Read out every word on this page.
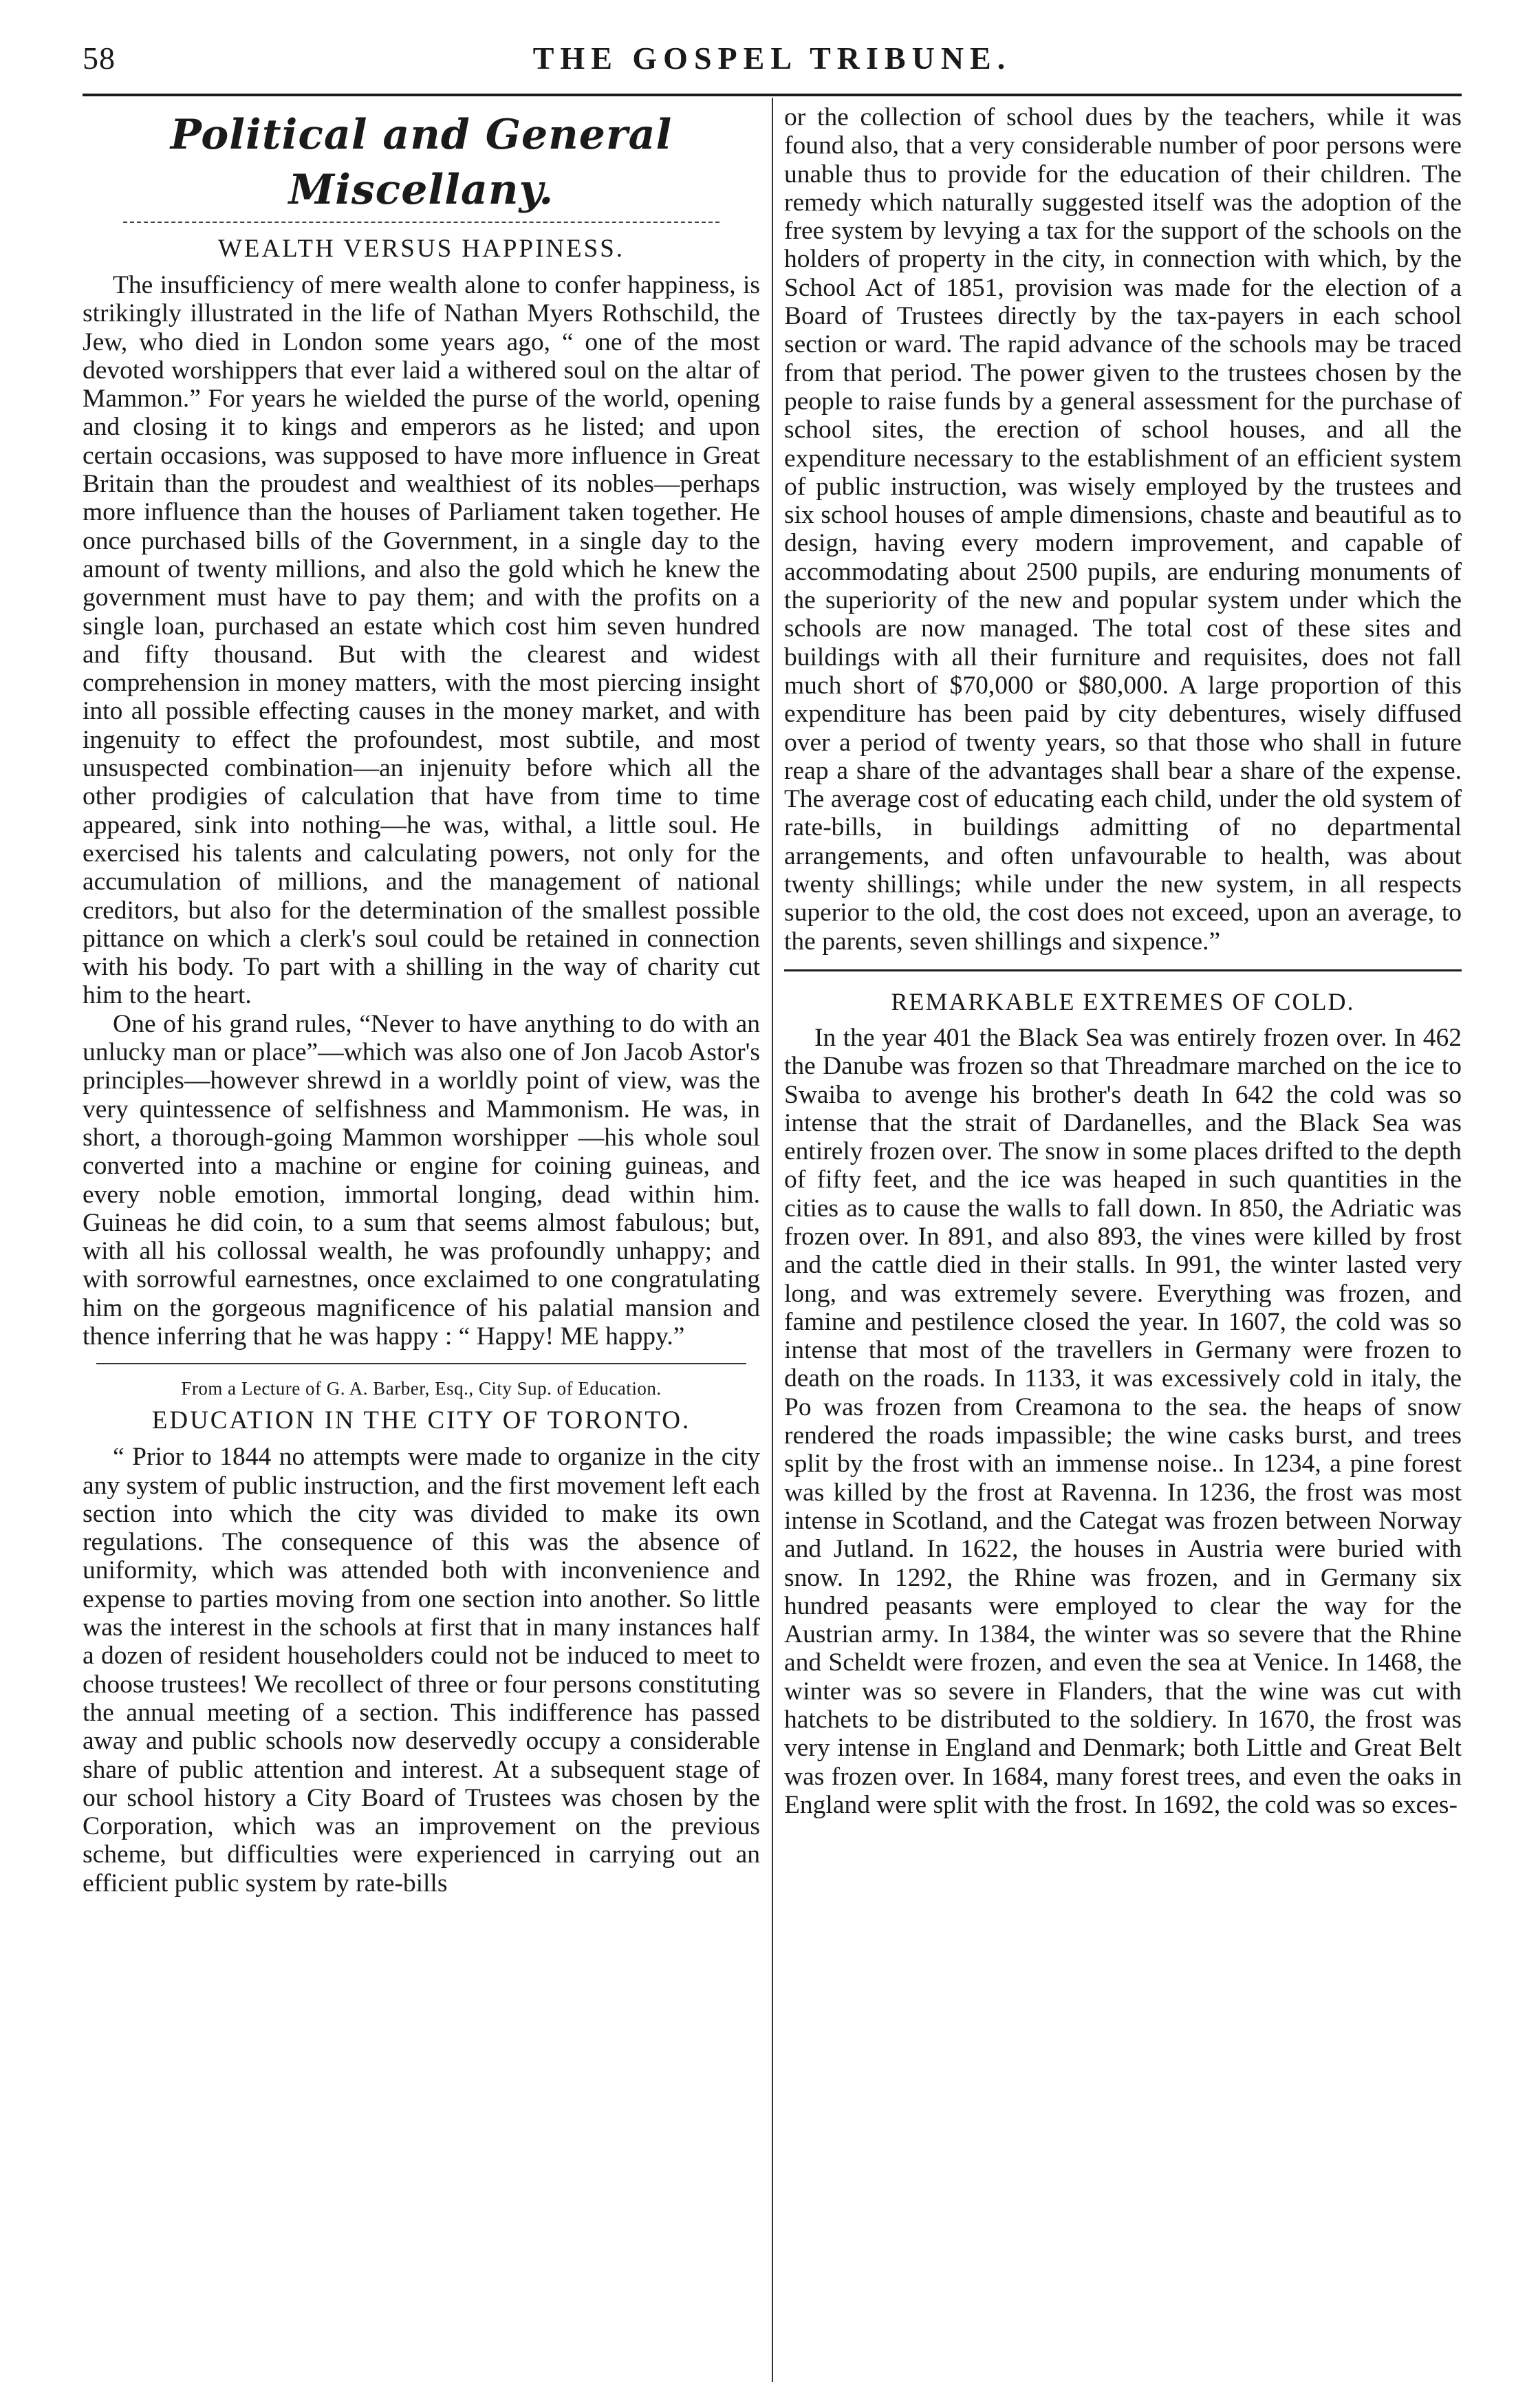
58	THE GOSPEL TRIBUNE.
Political and General Miscellany.
WEALTH VERSUS HAPPINESS.

The insufficiency of mere wealth alone to confer happiness, is strikingly illustrated in the life of Nathan Myers Rothschild, the Jew, who died in London some years ago, “ one of the most devoted worshippers that ever laid a withered soul on the altar of Mammon.” For years he wielded the purse of the world, opening and closing it to kings and emperors as he listed; and upon certain occasions, was supposed to have more influence in Great Britain than the proudest and wealthiest of its nobles—perhaps more influence than the houses of Parliament taken together. He once purchased bills of the Government, in a single day to the amount of twenty millions, and also the gold which he knew the government must have to pay them; and with the profits on a single loan, purchased an estate which cost him seven hundred and fifty thousand. But with the clearest and widest comprehension in money matters, with the most piercing insight into all possible effecting causes in the money market, and with ingenuity to effect the profoundest, most subtile, and most unsuspected combination—an injenuity before which all the other prodigies of calculation that have from time to time appeared, sink into nothing—he was, withal, a little soul. He exercised his talents and calculating powers, not only for the accumulation of millions, and the management of national creditors, but also for the determination of the smallest possible pittance on which a clerk's soul could be retained in connection with his body. To part with a shilling in the way of charity cut him to the heart.

One of his grand rules, “Never to have anything to do with an unlucky man or place”—which was also one of Jon Jacob Astor's principles—however shrewd in a worldly point of view, was the very quintessence of selfishness and Mammonism. He was, in short, a thorough-going Mammon worshipper —his whole soul converted into a machine or engine for coining guineas, and every noble emotion, immortal longing, dead within him. Guineas he did coin, to a sum that seems almost fabulous; but, with all his collossal wealth, he was profoundly unhappy; and with sorrowful earnestnes, once exclaimed to one congratulating him on the gorgeous magnificence of his palatial mansion and thence inferring that he was happy : “ Happy! ME happy.”

From a Lecture of G. A. Barber, Esq., City Sup. of Education.
EDUCATION IN THE CITY OF TORONTO.

“ Prior to 1844 no attempts were made to organize in the city any system of public instruction, and the first movement left each section into which the city was divided to make its own regulations. The consequence of this was the absence of uniformity, which was attended both with inconvenience and expense to parties moving from one section into another. So little was the interest in the schools at first that in many instances half a dozen of resident householders could not be induced to meet to choose trustees! We recollect of three or four persons constituting the annual meeting of a section. This indifference has passed away and public schools now deservedly occupy a considerable share of public attention and interest. At a subsequent stage of our school history a City Board of Trustees was chosen by the Corporation, which was an improvement on the previous scheme, but difficulties were experienced in carrying out an efficient public system by rate-bills

or the collection of school dues by the teachers, while it was found also, that a very considerable number of poor persons were unable thus to provide for the education of their children. The remedy which naturally suggested itself was the adoption of the free system by levying a tax for the support of the schools on the holders of property in the city, in connection with which, by the School Act of 1851, provision was made for the election of a Board of Trustees directly by the tax-payers in each school section or ward. The rapid advance of the schools may be traced from that period. The power given to the trustees chosen by the people to raise funds by a general assessment for the purchase of school sites, the erection of school houses, and all the expenditure necessary to the establishment of an efficient system of public instruction, was wisely employed by the trustees and six school houses of ample dimensions, chaste and beautiful as to design, having every modern improvement, and capable of accommodating about 2500 pupils, are enduring monuments of the superiority of the new and popular system under which the schools are now managed. The total cost of these sites and buildings with all their furniture and requisites, does not fall much short of $70,000 or $80,000. A large proportion of this expenditure has been paid by city debentures, wisely diffused over a period of twenty years, so that those who shall in future reap a share of the advantages shall bear a share of the expense. The average cost of educating each child, under the old system of rate-bills, in buildings admitting of no departmental arrangements, and often unfavourable to health, was about twenty shillings; while under the new system, in all respects superior to the old, the cost does not exceed, upon an average, to the parents, seven shillings and sixpence.”

REMARKABLE EXTREMES OF COLD.

In the year 401 the Black Sea was entirely frozen over. In 462 the Danube was frozen so that Threadmare marched on the ice to Swaiba to avenge his brother's death In 642 the cold was so intense that the strait of Dardanelles, and the Black Sea was entirely frozen over. The snow in some places drifted to the depth of fifty feet, and the ice was heaped in such quantities in the cities as to cause the walls to fall down. In 850, the Adriatic was frozen over. In 891, and also 893, the vines were killed by frost and the cattle died in their stalls. In 991, the winter lasted very long, and was extremely severe. Everything was frozen, and famine and pestilence closed the year. In 1607, the cold was so intense that most of the travellers in Germany were frozen to death on the roads. In 1133, it was excessively cold in italy, the Po was frozen from Creamona to the sea. the heaps of snow rendered the roads impassible; the wine casks burst, and trees split by the frost with an immense noise.. In 1234, a pine forest was killed by the frost at Ravenna. In 1236, the frost was most intense in Scotland, and the Categat was frozen between Norway and Jutland. In 1622, the houses in Austria were buried with snow. In 1292, the Rhine was frozen, and in Germany six hundred peasants were employed to clear the way for the Austrian army. In 1384, the winter was so severe that the Rhine and Scheldt were frozen, and even the sea at Venice. In 1468, the winter was so severe in Flanders, that the wine was cut with hatchets to be distributed to the soldiery. In 1670, the frost was very intense in England and Denmark; both Little and Great Belt was frozen over. In 1684, many forest trees, and even the oaks in England were split with the frost. In 1692, the cold was so exces-
